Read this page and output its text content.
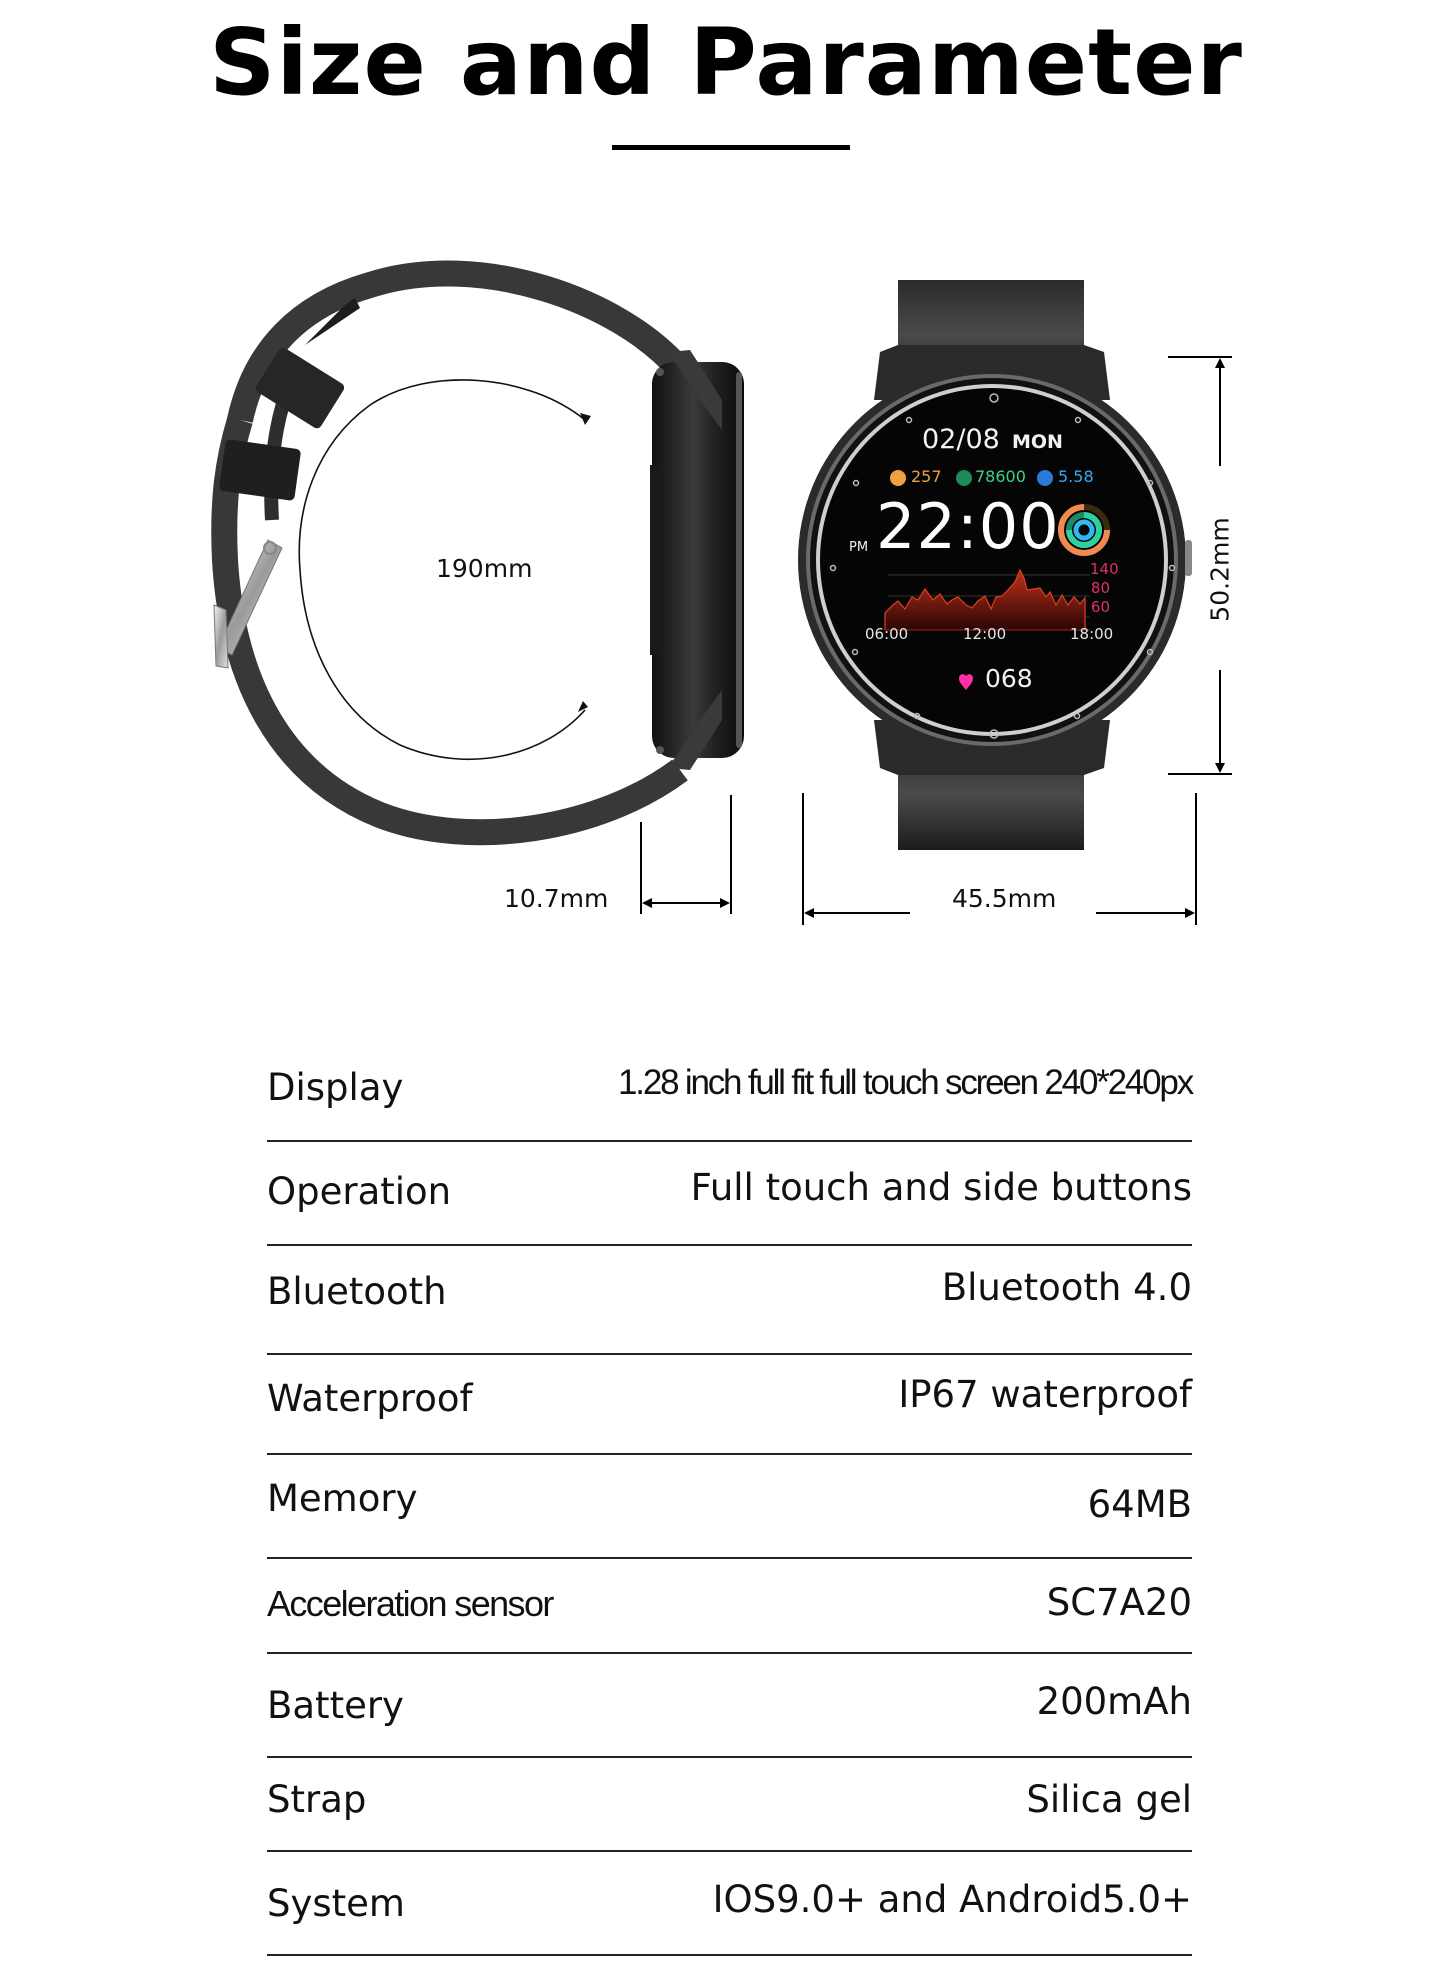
Size and Parameter
190mm
10.7mm	45.5mm
50.2mm
02/08 MON
257 78600 5.58
PM 22:00
140
80
60
06:00	12:00	18:00
068
Display	1.28 inch full fit full touch screen 240*240px
Operation	Full touch and side buttons
Bluetooth	Bluetooth 4.0
Waterproof	IP67 waterproof
Memory	64MB
Acceleration sensor	SC7A20
Battery	200mAh
Strap	Silica gel
System	IOS9.0+ and Android5.0+
